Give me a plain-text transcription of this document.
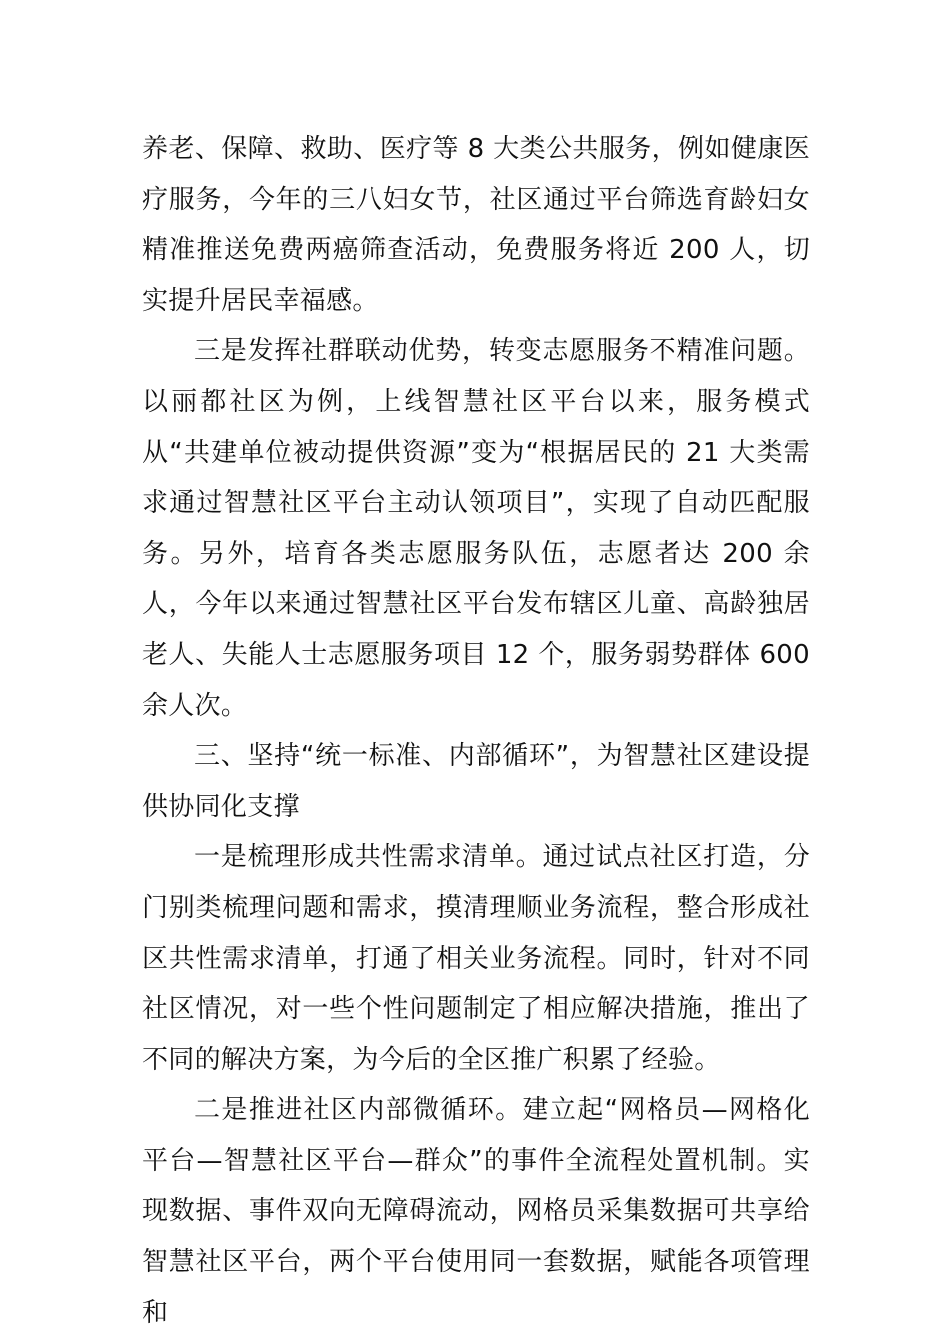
养老、保障、救助、医疗等 8 大类公共服务，例如健康医疗服务，今年的三八妇女节，社区通过平台筛选育龄妇女精准推送免费两癌筛查活动，免费服务将近 200 人，切实提升居民幸福感。

三是发挥社群联动优势，转变志愿服务不精准问题。以丽都社区为例，上线智慧社区平台以来，服务模式从“共建单位被动提供资源”变为“根据居民的 21 大类需求通过智慧社区平台主动认领项目”，实现了自动匹配服务。另外，培育各类志愿服务队伍，志愿者达 200 余人，今年以来通过智慧社区平台发布辖区儿童、高龄独居老人、失能人士志愿服务项目 12 个，服务弱势群体 600 余人次。

三、坚持“统一标准、内部循环”，为智慧社区建设提供协同化支撑

一是梳理形成共性需求清单。通过试点社区打造，分门别类梳理问题和需求，摸清理顺业务流程，整合形成社区共性需求清单，打通了相关业务流程。同时，针对不同社区情况，对一些个性问题制定了相应解决措施，推出了不同的解决方案，为今后的全区推广积累了经验。

二是推进社区内部微循环。建立起“网格员—网格化平台—智慧社区平台—群众”的事件全流程处置机制。实现数据、事件双向无障碍流动，网格员采集数据可共享给智慧社区平台，两个平台使用同一套数据，赋能各项管理和
